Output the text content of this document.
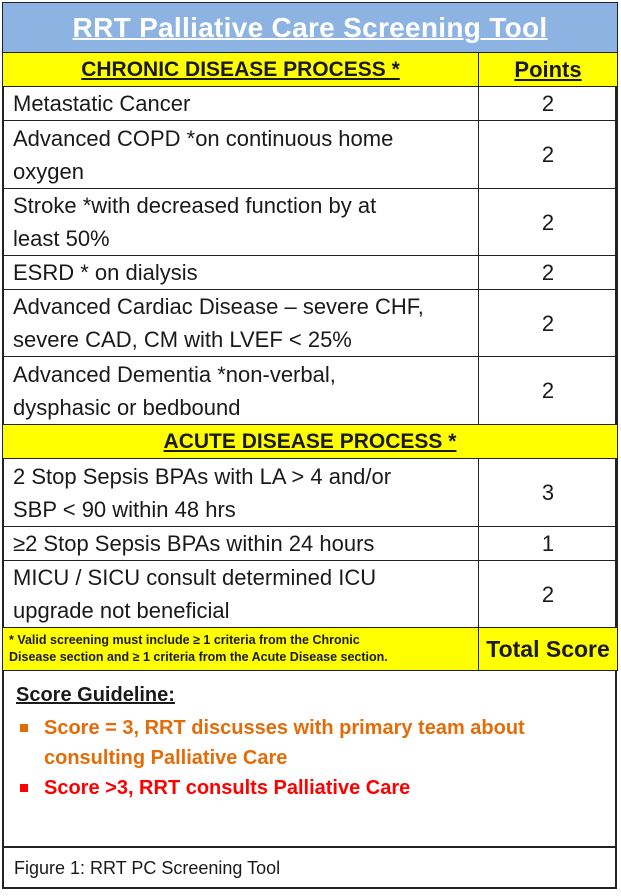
RRT Palliative Care Screening Tool	
CHRONIC DISEASE PROCESS *	Points
Metastatic Cancer	2
Advanced COPD *on continuous home
oxygen	2
Stroke *with decreased function by at
least 50%	2
ESRD * on dialysis	2
Advanced Cardiac Disease – severe CHF,
severe CAD, CM with LVEF < 25%	2
Advanced Dementia *non-verbal,
dysphasic or bedbound	2
ACUTE DISEASE PROCESS *	
2 Stop Sepsis BPAs with LA > 4 and/or
SBP < 90 within 48 hrs	3
≥2 Stop Sepsis BPAs within 24 hours	1
MICU / SICU consult determined ICU
upgrade not beneficial	2
* Valid screening must include ≥ 1 criteria from the Chronic
Disease section and ≥ 1 criteria from the Acute Disease section.	Total Score
Score Guideline:
Score = 3, RRT discusses with primary team about
consulting Palliative Care
Score >3, RRT consults Palliative Care
Figure 1: RRT PC Screening Tool
